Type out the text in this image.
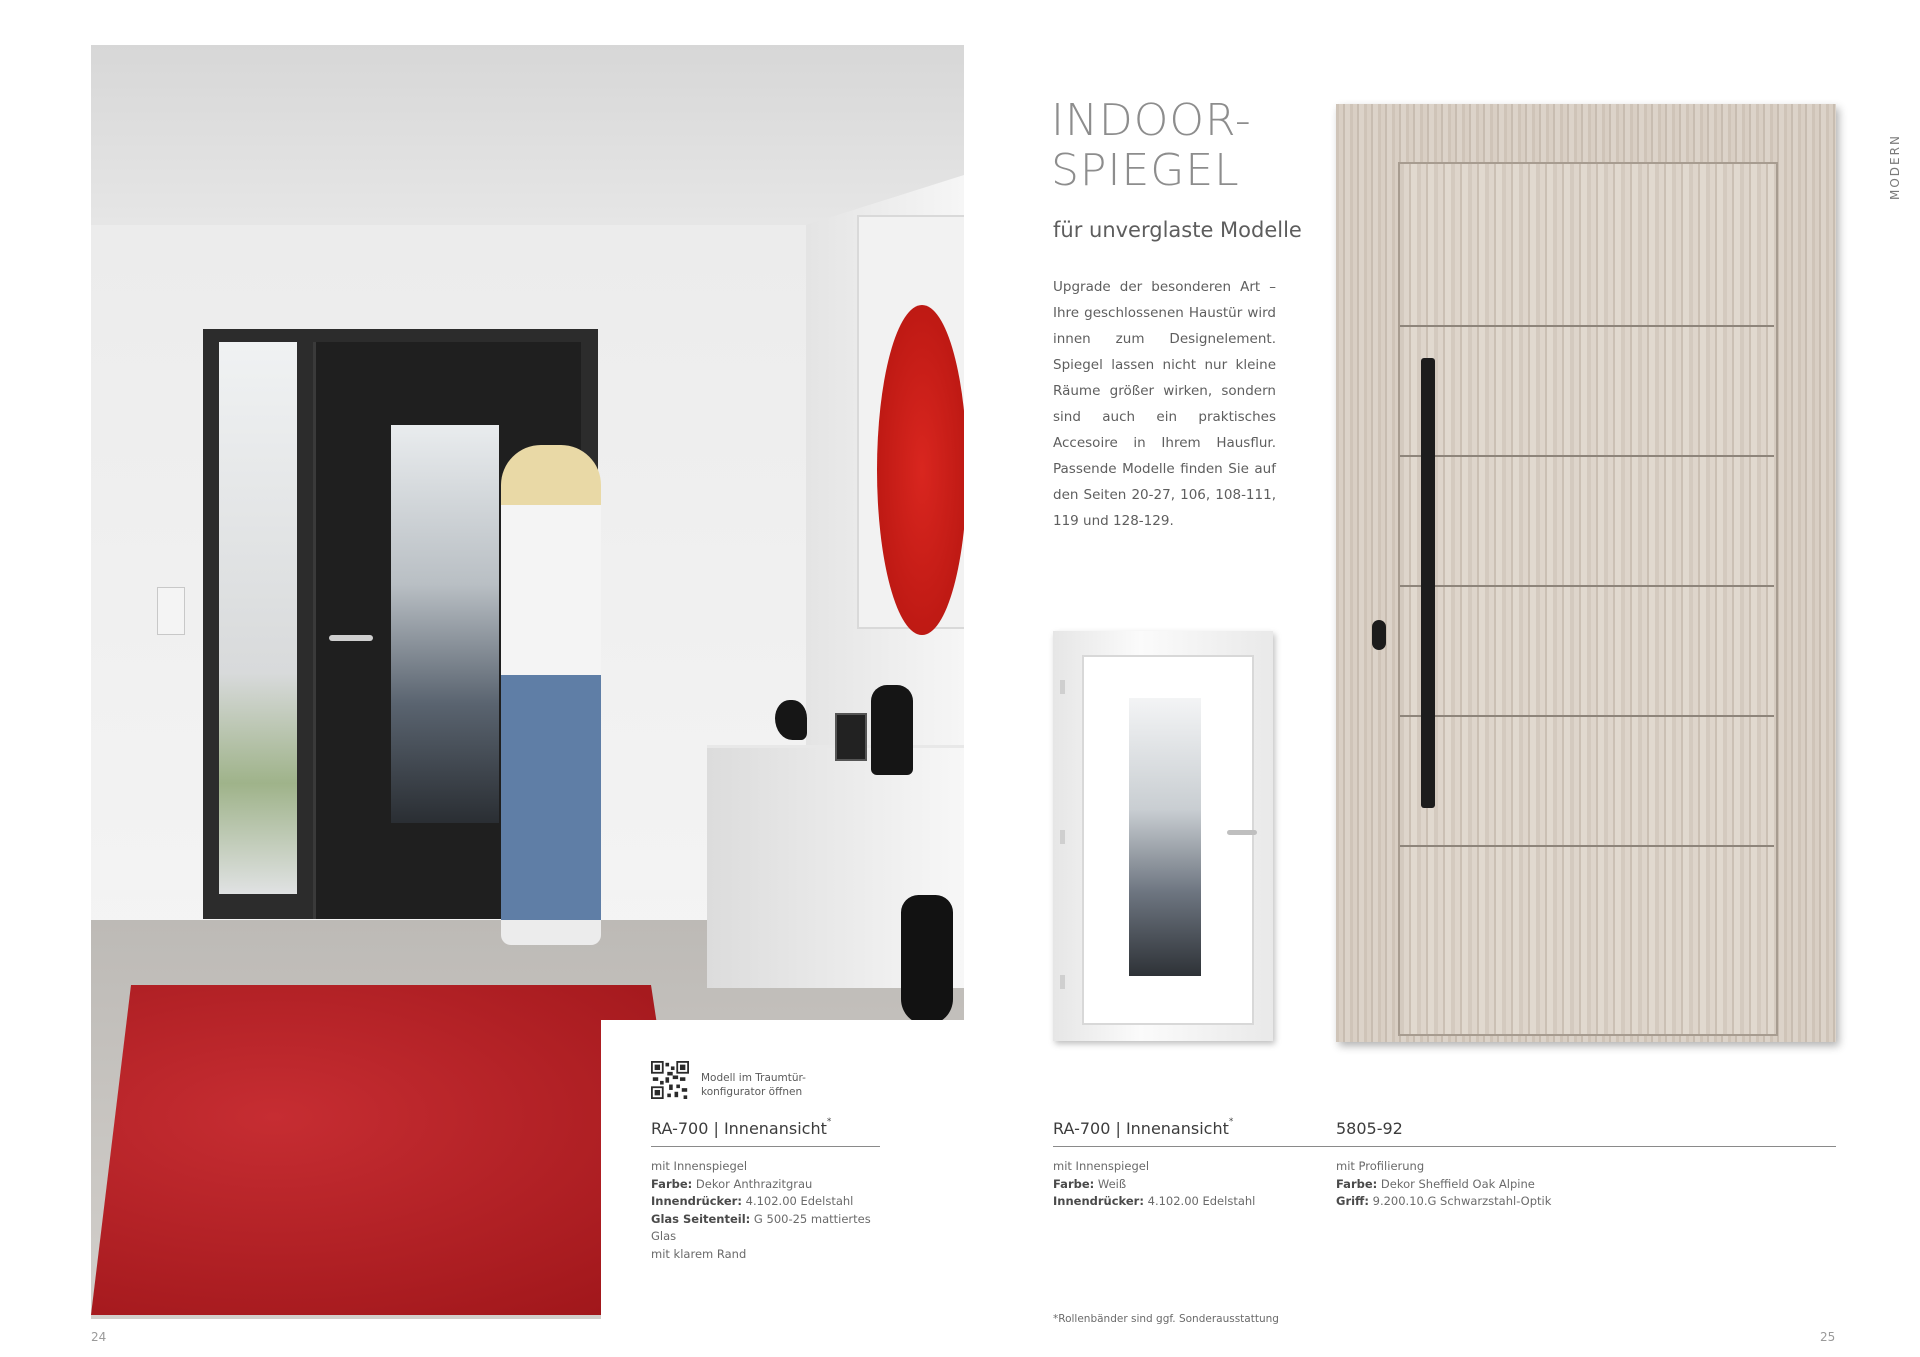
Modell im Traumtür-
konfigurator öffnen
RA-700 | Innenansicht*
mit Innenspiegel
Farbe: Dekor Anthrazitgrau
Innendrücker: 4.102.00 Edelstahl
Glas Seitenteil: G 500-25 mattiertes Glas
mit klarem Rand
24
INDOOR-
SPIEGEL
für unverglaste Modelle
Upgrade der besonderen Art – Ihre geschlossenen Haustür wird innen zum Designelement. Spiegel lassen nicht nur kleine Räume größer wirken, sondern sind auch ein praktisches Accesoire in Ihrem Hausflur. Passende Modelle finden Sie auf den Seiten 20-27, 106, 108-111, 119 und 128-129.
MODERN
RA-700 | Innenansicht*
mit Innenspiegel
Farbe: Weiß
Innendrücker: 4.102.00 Edelstahl
5805-92
mit Profilierung
Farbe: Dekor Sheffield Oak Alpine
Griff: 9.200.10.G Schwarzstahl-Optik
*Rollenbänder sind ggf. Sonderausstattung
25
